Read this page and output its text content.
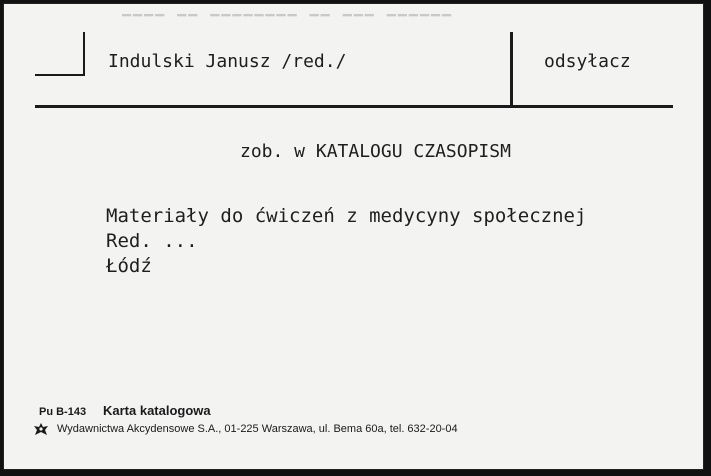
▔▔▔▔ ▔▔ ▔▔▔▔▔▔▔▔ ▔▔ ▔▔▔ ▔▔▔▔▔▔
Indulski Janusz /red./	odsyłacz
zob. w KATALOGU CZASOPISM
Materiały do ćwiczeń z medycyny społecznej
Red. ...
Łódź
Pu B-143 Karta katalogowa
Wydawnictwa Akcydensowe S.A., 01-225 Warszawa, ul. Bema 60a, tel. 632-20-04
